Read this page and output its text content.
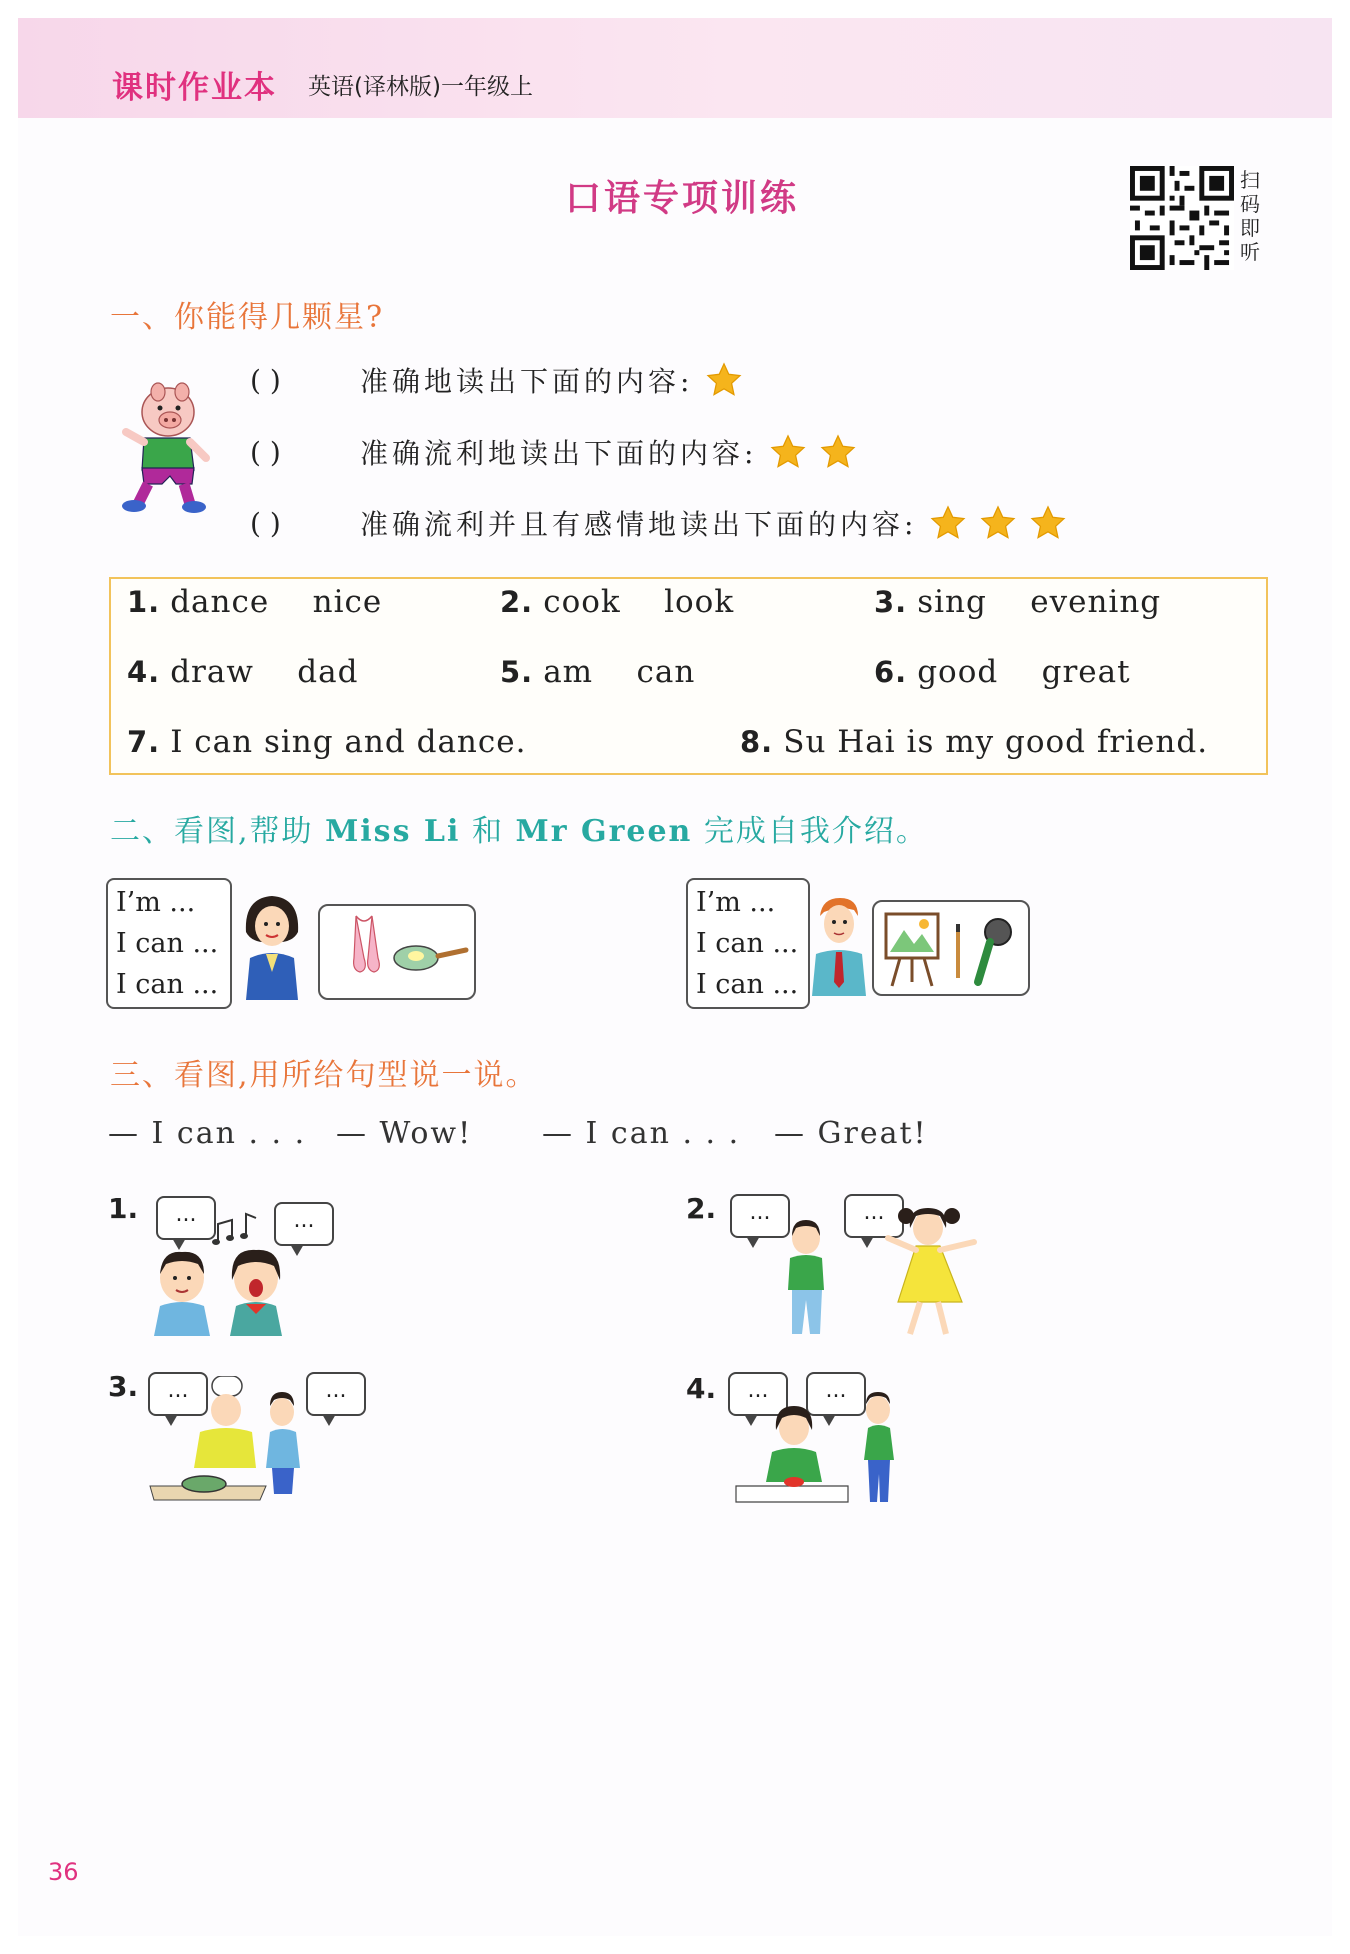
课时作业本 英语(译林版)一年级上
口语专项训练	扫码即听
一、你能得几颗星?
( )	准确地读出下面的内容:
( )	准确流利地读出下面的内容:
( )	准确流利并且有感情地读出下面的内容:
1. dance    nice	2. cook    look	3. sing    evening
4. draw    dad	5. am    can	6. good    great
7. I can sing and dance.	8. Su Hai is my good friend.
二、看图,帮助 Miss Li 和 Mr Green 完成自我介绍。
I’m ...
I can ...
I can ...
I’m ...
I can ...
I can ...
三、看图,用所给句型说一说。
— I can . . . — Wow! — I can . . . — Great!
1.	...	...	2.	...	...
3.	...	...	4.	...	...
36
